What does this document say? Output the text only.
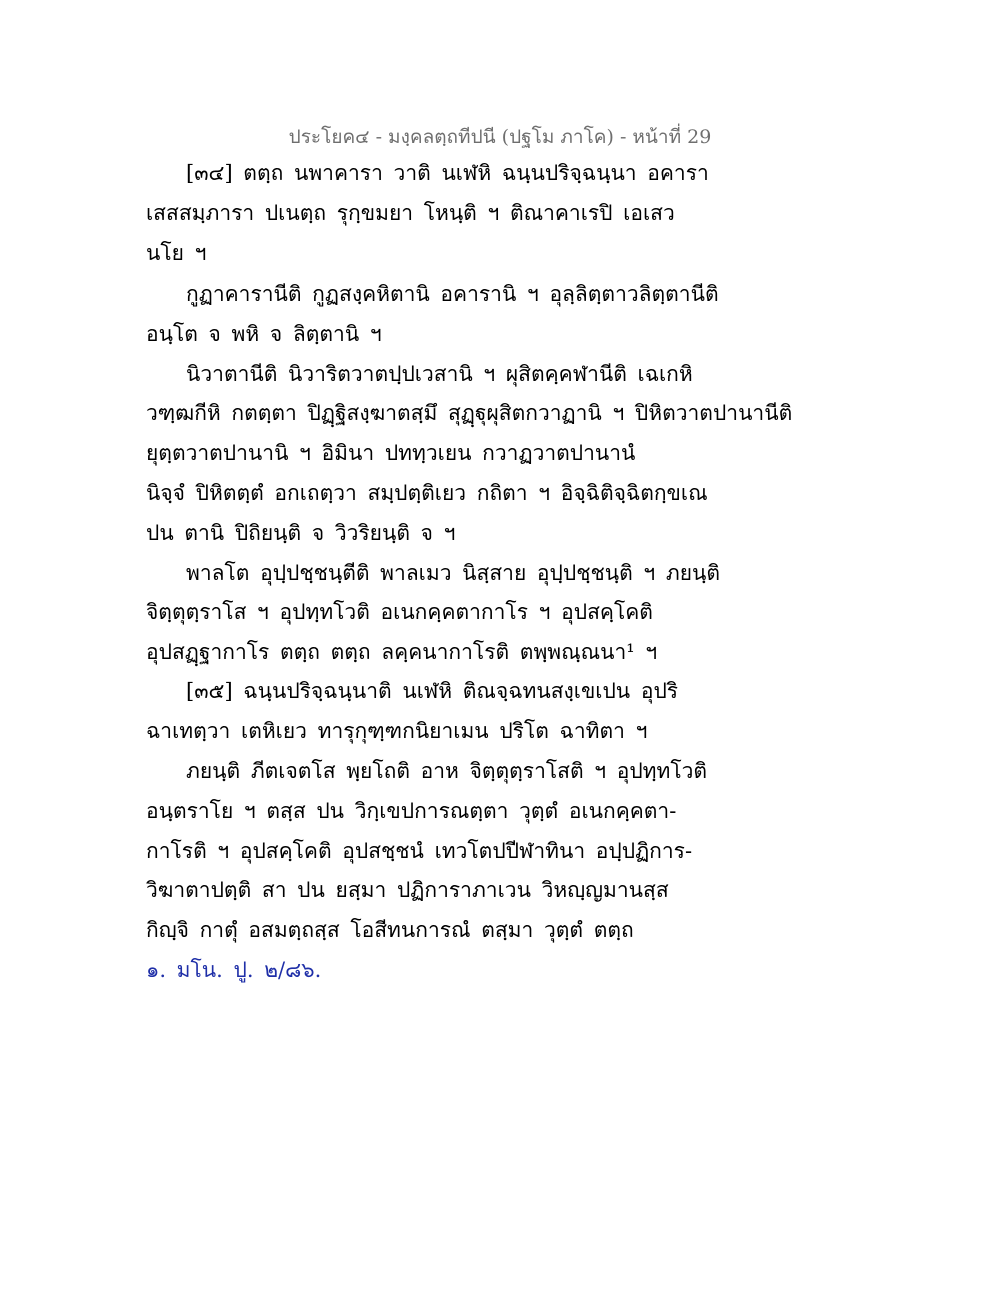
ประโยค๔ - มงฺคลตฺถทีปนี (ปฐโม ภาโค) - หน้าที่ 29
[๓๔] ตตฺถ นพาคารา วาติ นเฬหิ ฉนฺนปริจฺฉนฺนา อคารา
เสสสมฺภารา ปเนตฺถ รุกฺขมยา โหนฺติ ฯ ติณาคาเรปิ เอเสว
นโย ฯ
กูฏาคารานีติ กูฏสงฺคหิตานิ อคารานิ ฯ อุลฺลิตฺตาวลิตฺตานีติ
อนฺโต จ พหิ จ ลิตฺตานิ ฯ
นิวาตานีติ นิวาริตวาตปฺปเวสานิ ฯ ผุสิตคฺคฬานีติ เฉเกหิ
วฑฺฒกีหิ กตตฺตา ปิฏฺฐิสงฺฆาตสฺมึ สุฏฺฐุผุสิตกวาฏานิ ฯ ปิหิตวาตปานานีติ
ยุตฺตวาตปานานิ ฯ อิมินา ปททฺวเยน กวาฏวาตปานานํ
นิจฺจํ ปิหิตตฺตํ อกเถตฺวา สมฺปตฺติเยว กถิตา ฯ อิจฺฉิติจฺฉิตกฺขเณ
ปน ตานิ ปิถิยนฺติ จ วิวริยนฺติ จ ฯ
พาลโต อุปฺปชฺชนฺตีติ พาลเมว นิสฺสาย อุปฺปชฺชนฺติ ฯ ภยนฺติ
จิตฺตุตฺราโส ฯ อุปทฺทโวติ อเนกคฺคตากาโร ฯ อุปสคฺโคติ
อุปสฏฺฐากาโร ตตฺถ ตตฺถ ลคฺคนากาโรติ ตพฺพณฺณนา¹ ฯ
[๓๕] ฉนฺนปริจฺฉนฺนาติ นเฬหิ ติณจฺฉทนสงฺเขเปน อุปริ
ฉาเทตฺวา เตหิเยว ทารุกุฑฺฑกนิยาเมน ปริโต ฉาทิตา ฯ
ภยนฺติ ภีตเจตโส พฺยโถติ อาห จิตฺตุตฺราโสติ ฯ อุปทฺทโวติ
อนฺตราโย ฯ ตสฺส ปน วิกฺเขปการณตฺตา วุตฺตํ อเนกคฺคตา-
กาโรติ ฯ อุปสคฺโคติ อุปสชฺชนํ เทวโตปปีฬาทินา อปฺปฏิการ-
วิฆาตาปตฺติ สา ปน ยสฺมา ปฏิการาภาเวน วิหญฺญมานสฺส
กิญฺจิ กาตุํ อสมตฺถสฺส โอสีทนการณํ ตสฺมา วุตฺตํ ตตฺถ
๑. มโน. ปู. ๒/๘๖.
